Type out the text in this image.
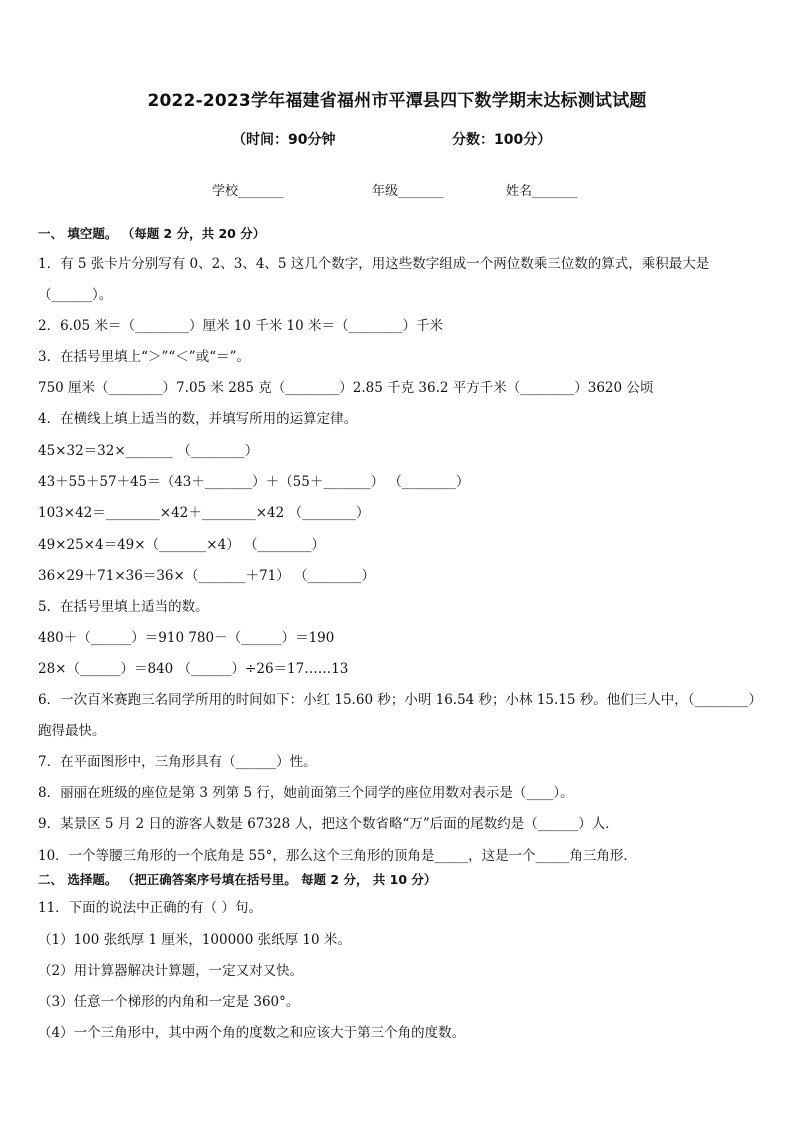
2022-2023学年福建省福州市平潭县四下数学期末达标测试试题
（时间：90分钟	分数：100分）
学校_______	年级_______	姓名_______
一、 填空题。 （每题 2 分，共 20 分）
1．有 5 张卡片分别写有 0、2、3、4、5 这几个数字，用这些数字组成一个两位数乘三位数的算式，乘积最大是
（______）。
2．6.05 米＝（________）厘米 10 千米 10 米＝（________）千米
3．在括号里填上“＞”“＜”或“＝”。
750 厘米（________）7.05 米 285 克（________）2.85 千克 36.2 平方千米（________）3620 公顷
4．在横线上填上适当的数，并填写所用的运算定律。
45×32＝32×_______ （________）
43＋55＋57＋45＝（43＋_______）＋（55＋_______） （________）
103×42＝________×42＋________×42 （________）
49×25×4＝49×（_______×4） （________）
36×29＋71×36＝36×（_______＋71） （________）
5．在括号里填上适当的数。
480＋（______）＝910 780－（______）＝190
28×（______）＝840 （______）÷26＝17……13
6．一次百米赛跑三名同学所用的时间如下：小红 15.60 秒；小明 16.54 秒；小林 15.15 秒。他们三人中，（________）
跑得最快。
7．在平面图形中，三角形具有（______）性。
8．丽丽在班级的座位是第 3 列第 5 行，她前面第三个同学的座位用数对表示是（____）。
9．某景区 5 月 2 日的游客人数是 67328 人，把这个数省略“万”后面的尾数约是（______）人．
10．一个等腰三角形的一个底角是 55°，那么这个三角形的顶角是_____，这是一个_____角三角形．
二、 选择题。 （把正确答案序号填在括号里。 每题 2 分， 共 10 分）
11．下面的说法中正确的有（ ）句。
（1）100 张纸厚 1 厘米，100000 张纸厚 10 米。
（2）用计算器解决计算题，一定又对又快。
（3）任意一个梯形的内角和一定是 360°。
（4）一个三角形中，其中两个角的度数之和应该大于第三个角的度数。
